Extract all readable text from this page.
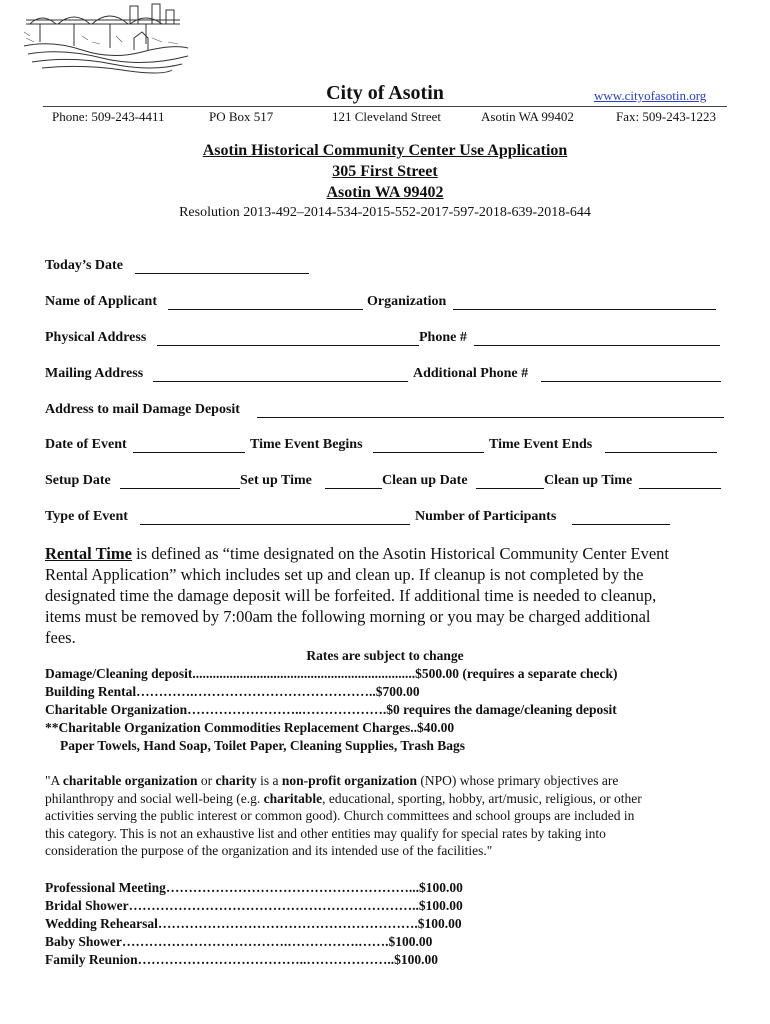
City of Asotin	www.cityofasotin.org
Phone: 509-243-4411	PO Box 517	121 Cleveland Street	Asotin WA 99402	Fax: 509-243-1223
Asotin Historical Community Center Use Application
305 First Street
Asotin WA 99402
Resolution 2013-492–2014-534-2015-552-2017-597-2018-639-2018-644
Today’s Date
Name of Applicant	Organization
Physical Address	Phone #
Mailing Address	Additional Phone #
Address to mail Damage Deposit
Date of Event	Time Event Begins	Time Event Ends
Setup Date	Set up Time	Clean up Date	Clean up Time
Type of Event	Number of Participants
Rental Time is defined as “time designated on the Asotin Historical Community Center Event
Rental Application” which includes set up and clean up. If cleanup is not completed by the
designated time the damage deposit will be forfeited. If additional time is needed to cleanup,
items must be removed by 7:00am the following morning or you may be charged additional
fees.
Rates are subject to change
Damage/Cleaning deposit..................................................................$500.00 (requires a separate check)
Building Rental………….…………………………………..$700.00
Charitable Organization……………………..……………….$0 requires the damage/cleaning deposit
**Charitable Organization Commodities Replacement Charges..$40.00
Paper Towels, Hand Soap, Toilet Paper, Cleaning Supplies, Trash Bags
"A charitable organization or charity is a non-profit organization (NPO) whose primary objectives are
philanthropy and social well-being (e.g. charitable, educational, sporting, hobby, art/music, religious, or other
activities serving the public interest or common good). Church committees and school groups are included in
this category. This is not an exhaustive list and other entities may qualify for special rates by taking into
consideration the purpose of the organization and its intended use of the facilities."
Professional Meeting………………………………………………...$100.00
Bridal Shower………………………………………………………..$100.00
Wedding Rehearsal………………………………………………….$100.00
Baby Shower……………………………….…………….…….$100.00
Family Reunion………………………………..………………..$100.00
